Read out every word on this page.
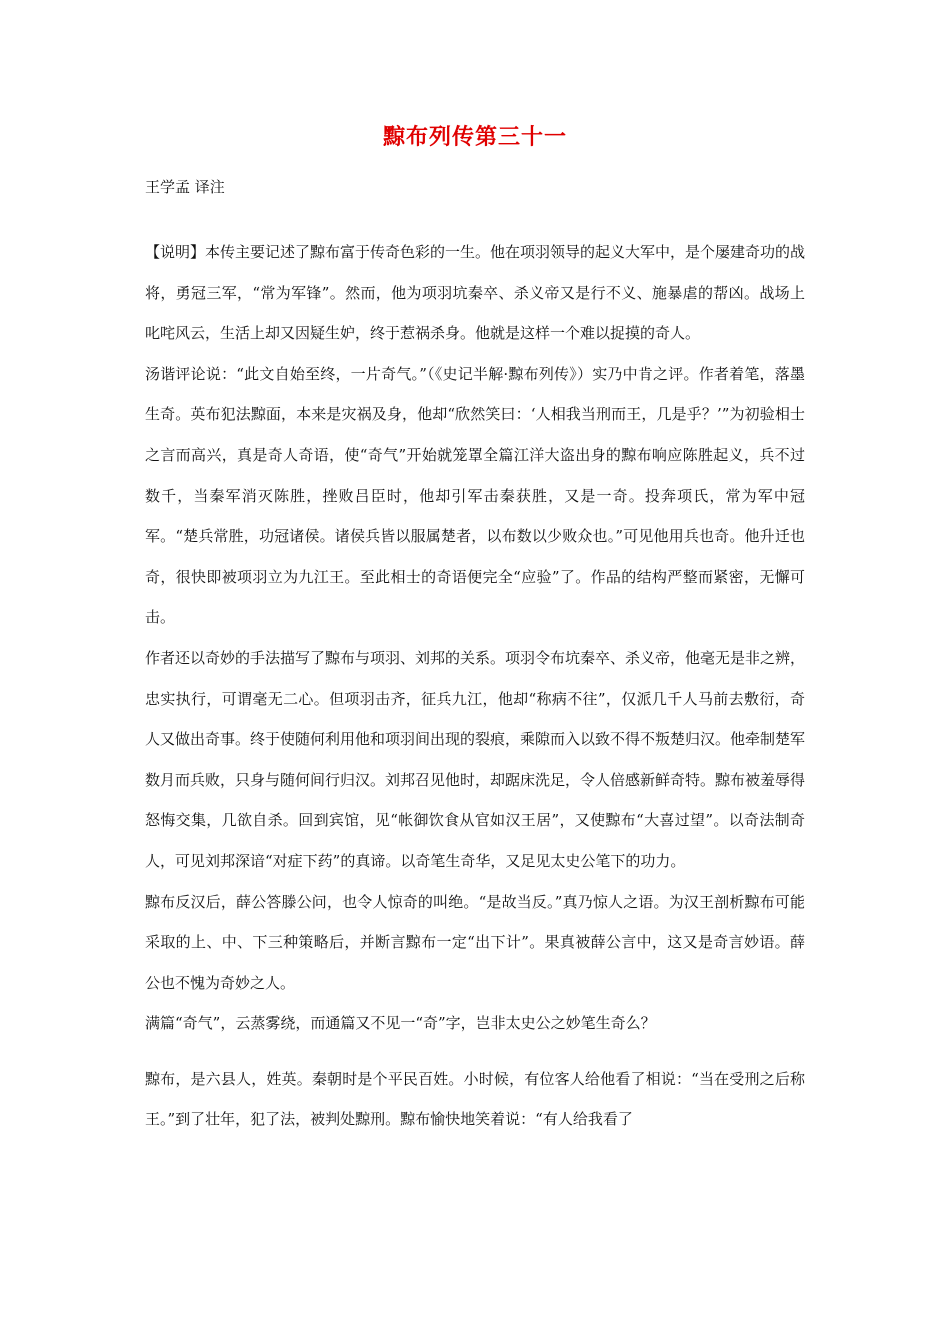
黥布列传第三十一
王学孟 译注

【说明】本传主要记述了黥布富于传奇色彩的一生。他在项羽领导的起义大军中，是个屡建奇功的战将，勇冠三军，“常为军锋”。然而，他为项羽坑秦卒、杀义帝又是行不义、施暴虐的帮凶。战场上叱咤风云，生活上却又因疑生妒，终于惹祸杀身。他就是这样一个难以捉摸的奇人。

汤谐评论说：“此文自始至终，一片奇气。”（《史记半解·黥布列传》）实乃中肯之评。作者着笔，落墨生奇。英布犯法黥面，本来是灾祸及身，他却“欣然笑曰：‘人相我当刑而王，几是乎？’”为初验相士之言而高兴，真是奇人奇语，使“奇气”开始就笼罩全篇江洋大盗出身的黥布响应陈胜起义，兵不过数千，当秦军消灭陈胜，挫败吕臣时，他却引军击秦获胜，又是一奇。投奔项氏，常为军中冠军。“楚兵常胜，功冠诸侯。诸侯兵皆以服属楚者，以布数以少败众也。”可见他用兵也奇。他升迁也奇，很快即被项羽立为九江王。至此相士的奇语便完全“应验”了。作品的结构严整而紧密，无懈可击。

作者还以奇妙的手法描写了黥布与项羽、刘邦的关系。项羽令布坑秦卒、杀义帝，他毫无是非之辨，忠实执行，可谓毫无二心。但项羽击齐，征兵九江，他却“称病不往”，仅派几千人马前去敷衍，奇人又做出奇事。终于使随何利用他和项羽间出现的裂痕，乘隙而入以致不得不叛楚归汉。他牵制楚军数月而兵败，只身与随何间行归汉。刘邦召见他时，却踞床洗足，令人倍感新鲜奇特。黥布被羞辱得怒悔交集，几欲自杀。回到宾馆，见“帐御饮食从官如汉王居”，又使黥布“大喜过望”。以奇法制奇人，可见刘邦深谙“对症下药”的真谛。以奇笔生奇华，又足见太史公笔下的功力。

黥布反汉后，薛公答滕公问，也令人惊奇的叫绝。“是故当反。”真乃惊人之语。为汉王剖析黥布可能采取的上、中、下三种策略后，并断言黥布一定“出下计”。果真被薛公言中，这又是奇言妙语。薛公也不愧为奇妙之人。

满篇“奇气”，云蒸雾绕，而通篇又不见一“奇”字，岂非太史公之妙笔生奇么？

黥布，是六县人，姓英。秦朝时是个平民百姓。小时候，有位客人给他看了相说：“当在受刑之后称王。”到了壮年，犯了法，被判处黥刑。黥布愉快地笑着说：“有人给我看了
